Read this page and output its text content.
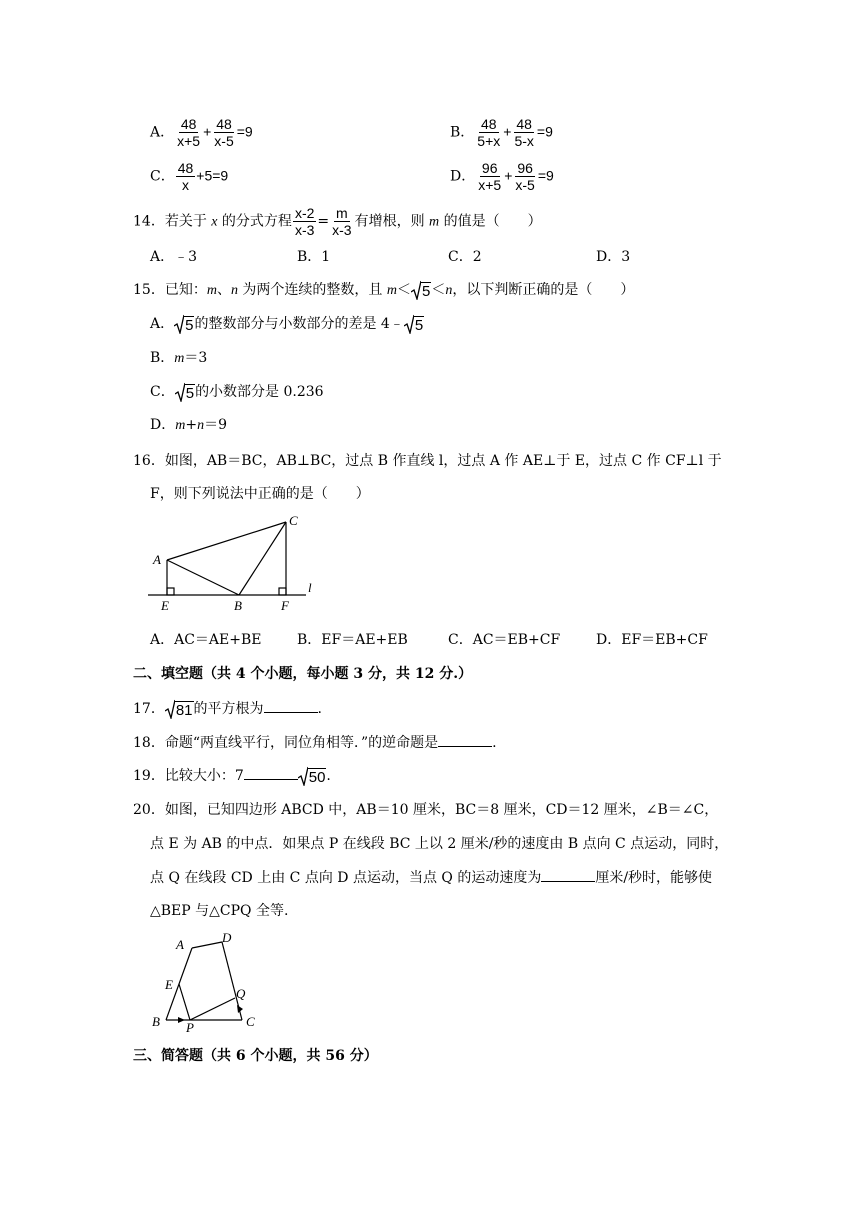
A． $\frac{48}{x+5} + \frac{48}{x-5} =9$	B． $\frac{48}{5+x} + \frac{48}{5-x} =9$
C． $\frac{48}{x} +5=9$	D． $\frac{96}{x+5} + \frac{96}{x-5} =9$
14．若关于 x 的分式方程 $\frac{x-2}{x-3} = \frac{m}{x-3}$ 有增根，则 m 的值是（　　）
A．﹣3	B．1	C．2	D．3
15．已知：m、n 为两个连续的整数，且 m＜ 5 ＜n，以下判断正确的是（　　）
A． 5 的整数部分与小数部分的差是 4﹣ 5
B．m＝3
C． 5 的小数部分是 0.236
D．m+n＝9
16．如图，AB＝BC，AB⊥BC，过点 B 作直线 l，过点 A 作 AE⊥于 E，过点 C 作 CF⊥l 于
F，则下列说法中正确的是（　　）
A
C
E	B	F
l
A．AC＝AE+BE	B．EF＝AE+EB	C．AC＝EB+CF	D．EF＝EB+CF
二、填空题（共 4 个小题，每小题 3 分，共 12 分.）
17． 81 的平方根为	.
18．命题“两直线平行，同位角相等．”的逆命题是	.
19．比较大小：7	50 .
20．如图，已知四边形 ABCD 中，AB＝10 厘米，BC＝8 厘米，CD＝12 厘米，∠B＝∠C，
点 E 为 AB 的中点．如果点 P 在线段 BC 上以 2 厘米/秒的速度由 B 点向 C 点运动，同时，
点 Q 在线段 CD 上由 C 点向 D 点运动，当点 Q 的运动速度为	厘米/秒时，能够使
△BEP 与△CPQ 全等.
A	D
E
Q
B P	C
三、简答题（共 6 个小题，共 56 分）
